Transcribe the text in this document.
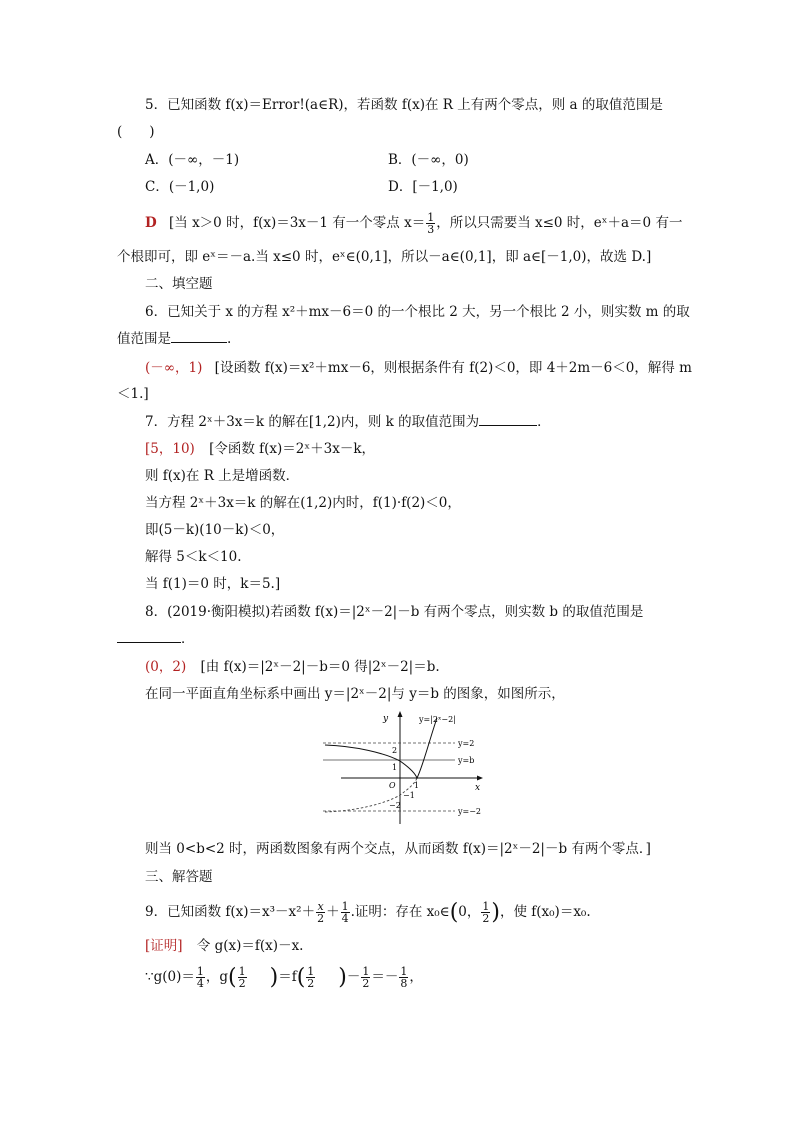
5．已知函数 f(x)＝Error!(a∈R)，若函数 f(x)在 R 上有两个零点，则 a 的取值范围是
(　　)
A．(－∞，－1)	B．(－∞，0)
C．(－1,0)	D．[－1,0)
D [当 x＞0 时，f(x)＝3x－1 有一个零点 $x= \frac{1}{3}$ ，所以只需要当 x≤0 时，eˣ＋a＝0 有一
个根即可，即 eˣ＝－a.当 x≤0 时，eˣ∈(0,1]，所以－a∈(0,1]，即 a∈[－1,0)，故选 D.]
二、填空题
6．已知关于 x 的方程 x²＋mx－6＝0 的一个根比 2 大，另一个根比 2 小，则实数 m 的取
值范围是	.
(－∞，1) [设函数 f(x)＝x²＋mx－6，则根据条件有 f(2)＜0，即 4＋2m－6＜0，解得 m
＜1.]
7．方程 2ˣ＋3x＝k 的解在[1,2)内，则 k 的取值范围为	．
[5，10) [令函数 f(x)＝2ˣ＋3x－k，
则 f(x)在 R 上是增函数．
当方程 2ˣ＋3x＝k 的解在(1,2)内时，f(1)·f(2)＜0，
即(5－k)(10－k)＜0，
解得 5＜k＜10.
当 f(1)＝0 时，k＝5.]
8．(2019·衡阳模拟)若函数 f(x)＝|2ˣ－2|－b 有两个零点，则实数 b 的取值范围是
．
(0，2) [由 f(x)＝|2ˣ－2|－b＝0 得|2ˣ－2|＝b.
在同一平面直角坐标系中画出 y＝|2ˣ－2|与 y＝b 的图象，如图所示，
y
x
y=2
y=b
y=−2
2
1
O 1
−1
−2
y=|2ˣ−2|
则当 0<b<2 时，两函数图象有两个交点，从而函数 f(x)＝|2ˣ－2|－b 有两个零点．]
三、解答题
9．已知函数 $f(x)=x^3-x^2+ \frac{x}{2} + \frac{1}{4}$ .证明：存在 x₀∈(0， $\frac{1}{2}$ )，使 f(x₀)＝x₀.
[证明] 令 g(x)＝f(x)－x.
∵g(0)＝ $\frac{1}{4}$ ，$g( \frac{1}{2} )=f( \frac{1}{2}$ )－ $\frac{1}{2} =- \frac{1}{8}$ ，
